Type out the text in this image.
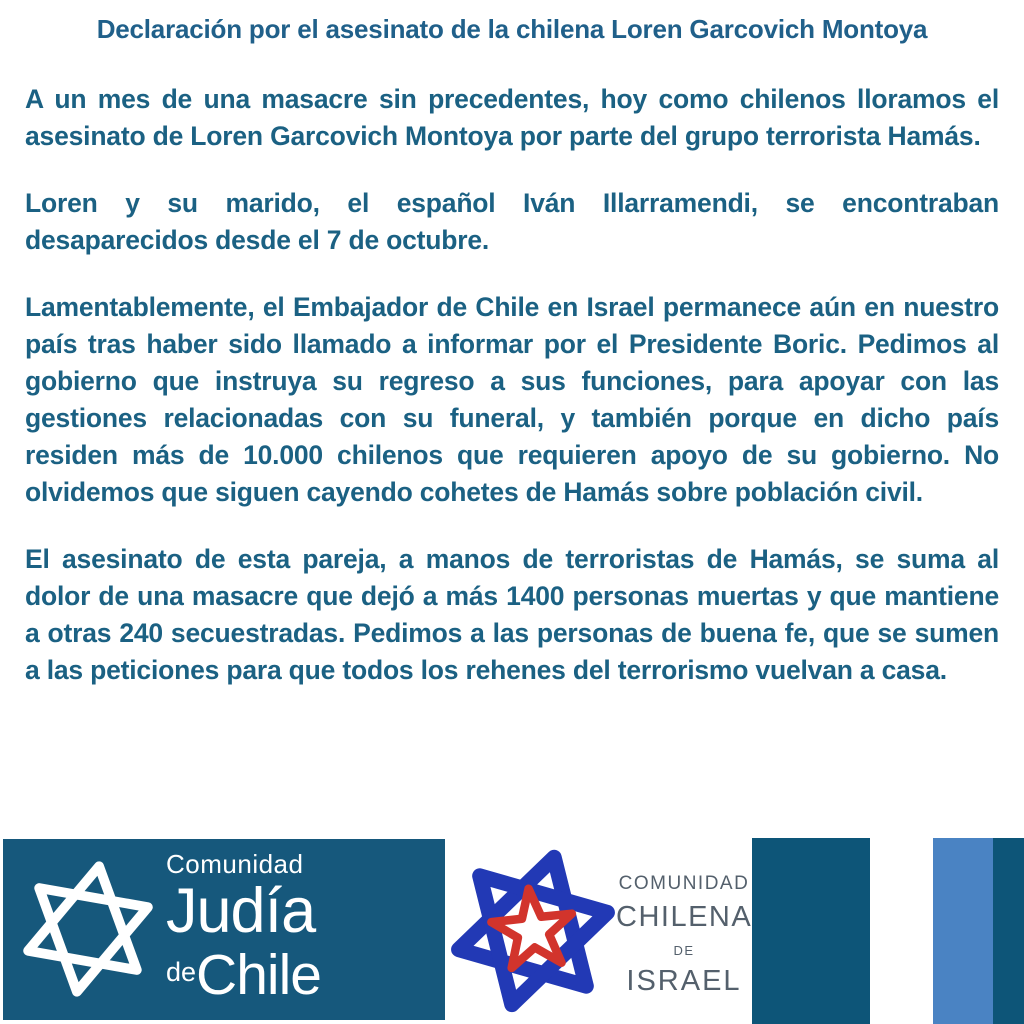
Declaración por el asesinato de la chilena Loren Garcovich Montoya

A un mes de una masacre sin precedentes, hoy como chilenos lloramos el asesinato de Loren Garcovich Montoya por parte del grupo terrorista Hamás.

Loren y su marido, el español Iván Illarramendi, se encontraban desaparecidos desde el 7 de octubre.

Lamentablemente, el Embajador de Chile en Israel permanece aún en nuestro país tras haber sido llamado a informar por el Presidente Boric. Pedimos al gobierno que instruya su regreso a sus funciones, para apoyar con las gestiones relacionadas con su funeral, y también porque en dicho país residen más de 10.000 chilenos que requieren apoyo de su gobierno. No olvidemos que siguen cayendo cohetes de Hamás sobre población civil.

El asesinato de esta pareja, a manos de terroristas de Hamás, se suma al dolor de una masacre que dejó a más 1400 personas muertas y que mantiene a otras 240 secuestradas. Pedimos a las personas de buena fe, que se sumen a las peticiones para que todos los rehenes del terrorismo vuelvan a casa.

Comunidad
Judía
deChile
COMUNIDAD
CHILENA
DE
ISRAEL
